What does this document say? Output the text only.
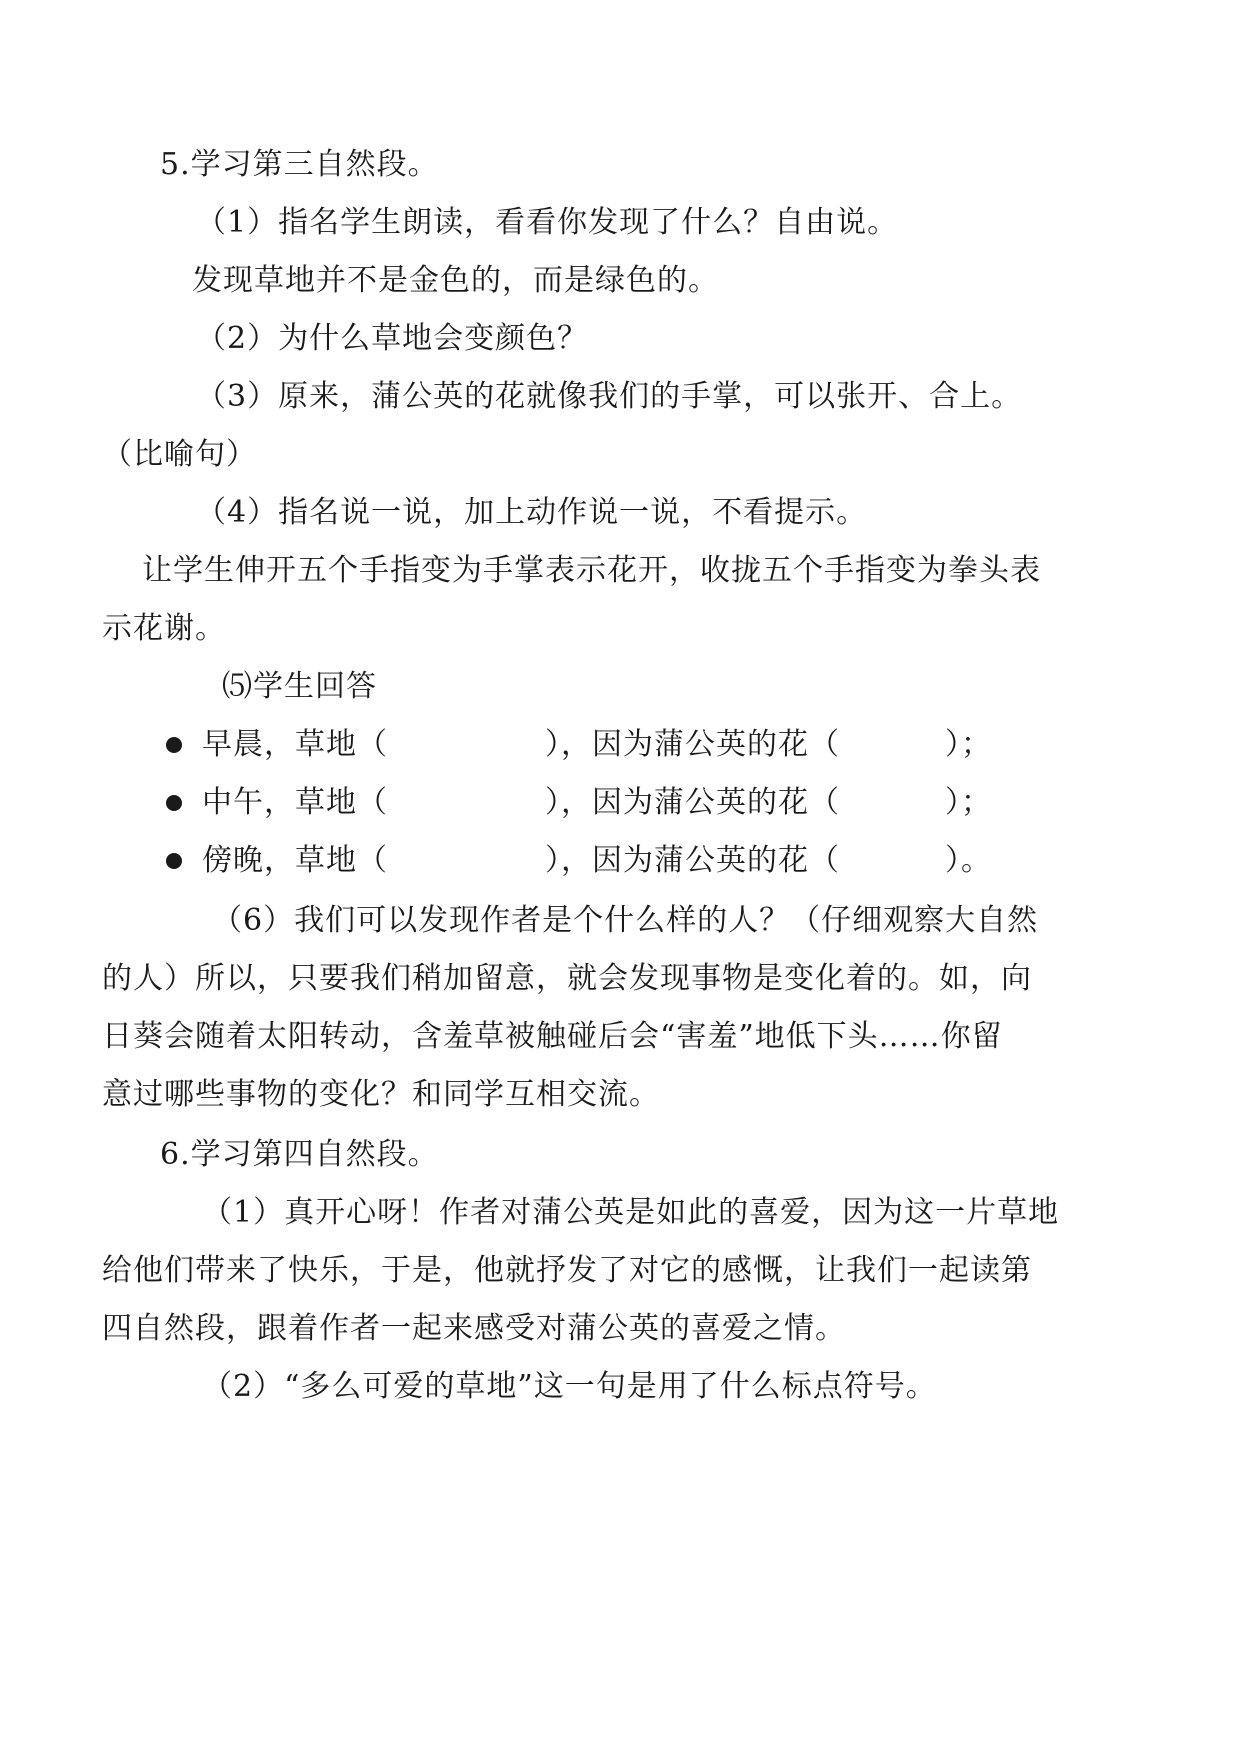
5.学习第三自然段。
（1）指名学生朗读，看看你发现了什么？自由说。
发现草地并不是金色的，而是绿色的。
（2）为什么草地会变颜色？
（3）原来，蒲公英的花就像我们的手掌，可以张开、合上。
（比喻句）
（4）指名说一说，加上动作说一说，不看提示。
让学生伸开五个手指变为手掌表示花开，收拢五个手指变为拳头表
示花谢。
⑸学生回答
早晨，草地（	），因为蒲公英的花（	）；
中午，草地（	），因为蒲公英的花（	）；
傍晚，草地（	），因为蒲公英的花（	）。
（6）我们可以发现作者是个什么样的人？（仔细观察大自然
的人）所以，只要我们稍加留意，就会发现事物是变化着的。如，向
日葵会随着太阳转动，含羞草被触碰后会“害羞”地低下头……你留
意过哪些事物的变化？和同学互相交流。
6.学习第四自然段。
（1）真开心呀！作者对蒲公英是如此的喜爱，因为这一片草地
给他们带来了快乐，于是，他就抒发了对它的感慨，让我们一起读第
四自然段，跟着作者一起来感受对蒲公英的喜爱之情。
（2）“多么可爱的草地”这一句是用了什么标点符号。
